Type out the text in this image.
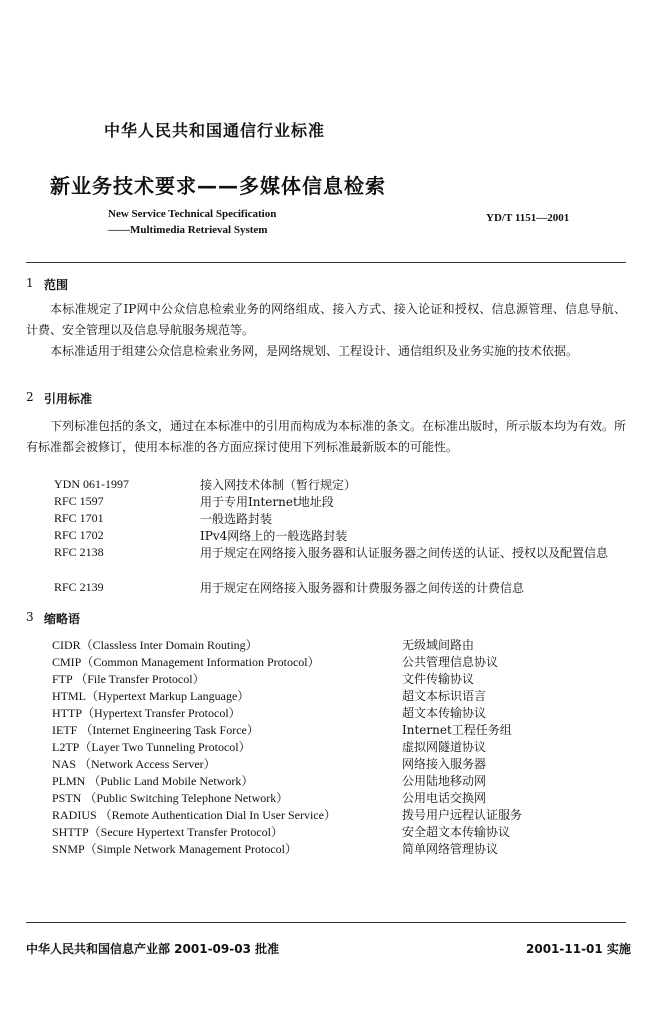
中华人民共和国通信行业标准
新业务技术要求——多媒体信息检索
New Service Technical Specification
——Multimedia Retrieval System
YD/T 1151—2001
1 范围
本标准规定了IP网中公众信息检索业务的网络组成、接入方式、接入论证和授权、信息源管理、信息导航、计费、安全管理以及信息导航服务规范等。
本标准适用于组建公众信息检索业务网，是网络规划、工程设计、通信组织及业务实施的技术依据。
2 引用标准
下列标准包括的条文，通过在本标准中的引用而构成为本标准的条文。在标准出版时，所示版本均为有效。所有标准都会被修订，使用本标准的各方面应探讨使用下列标准最新版本的可能性。
YDN 061-1997	接入网技术体制（暂行规定）
RFC 1597	用于专用Internet地址段
RFC 1701	一般选路封装
RFC 1702	IPv4网络上的一般选路封装
RFC 2138	用于规定在网络接入服务器和认证服务器之间传送的认证、授权以及配置信息
RFC 2139	用于规定在网络接入服务器和计费服务器之间传送的计费信息
3 缩略语
CIDR（Classless Inter Domain Routing）	无级域间路由
CMIP（Common Management Information Protocol）	公共管理信息协议
FTP （File Transfer Protocol）	文件传输协议
HTML（Hypertext Markup Language）	超文本标识语言
HTTP（Hypertext Transfer Protocol）	超文本传输协议
IETF （Internet Engineering Task Force）	Internet工程任务组
L2TP（Layer Two Tunneling Protocol）	虚拟网隧道协议
NAS （Network Access Server）	网络接入服务器
PLMN （Public Land Mobile Network）	公用陆地移动网
PSTN （Public Switching Telephone Network）	公用电话交换网
RADIUS （Remote Authentication Dial In User Service）	拨号用户远程认证服务
SHTTP（Secure Hypertext Transfer Protocol）	安全超文本传输协议
SNMP（Simple Network Management Protocol）	简单网络管理协议
中华人民共和国信息产业部 2001-09-03 批准	2001-11-01 实施
